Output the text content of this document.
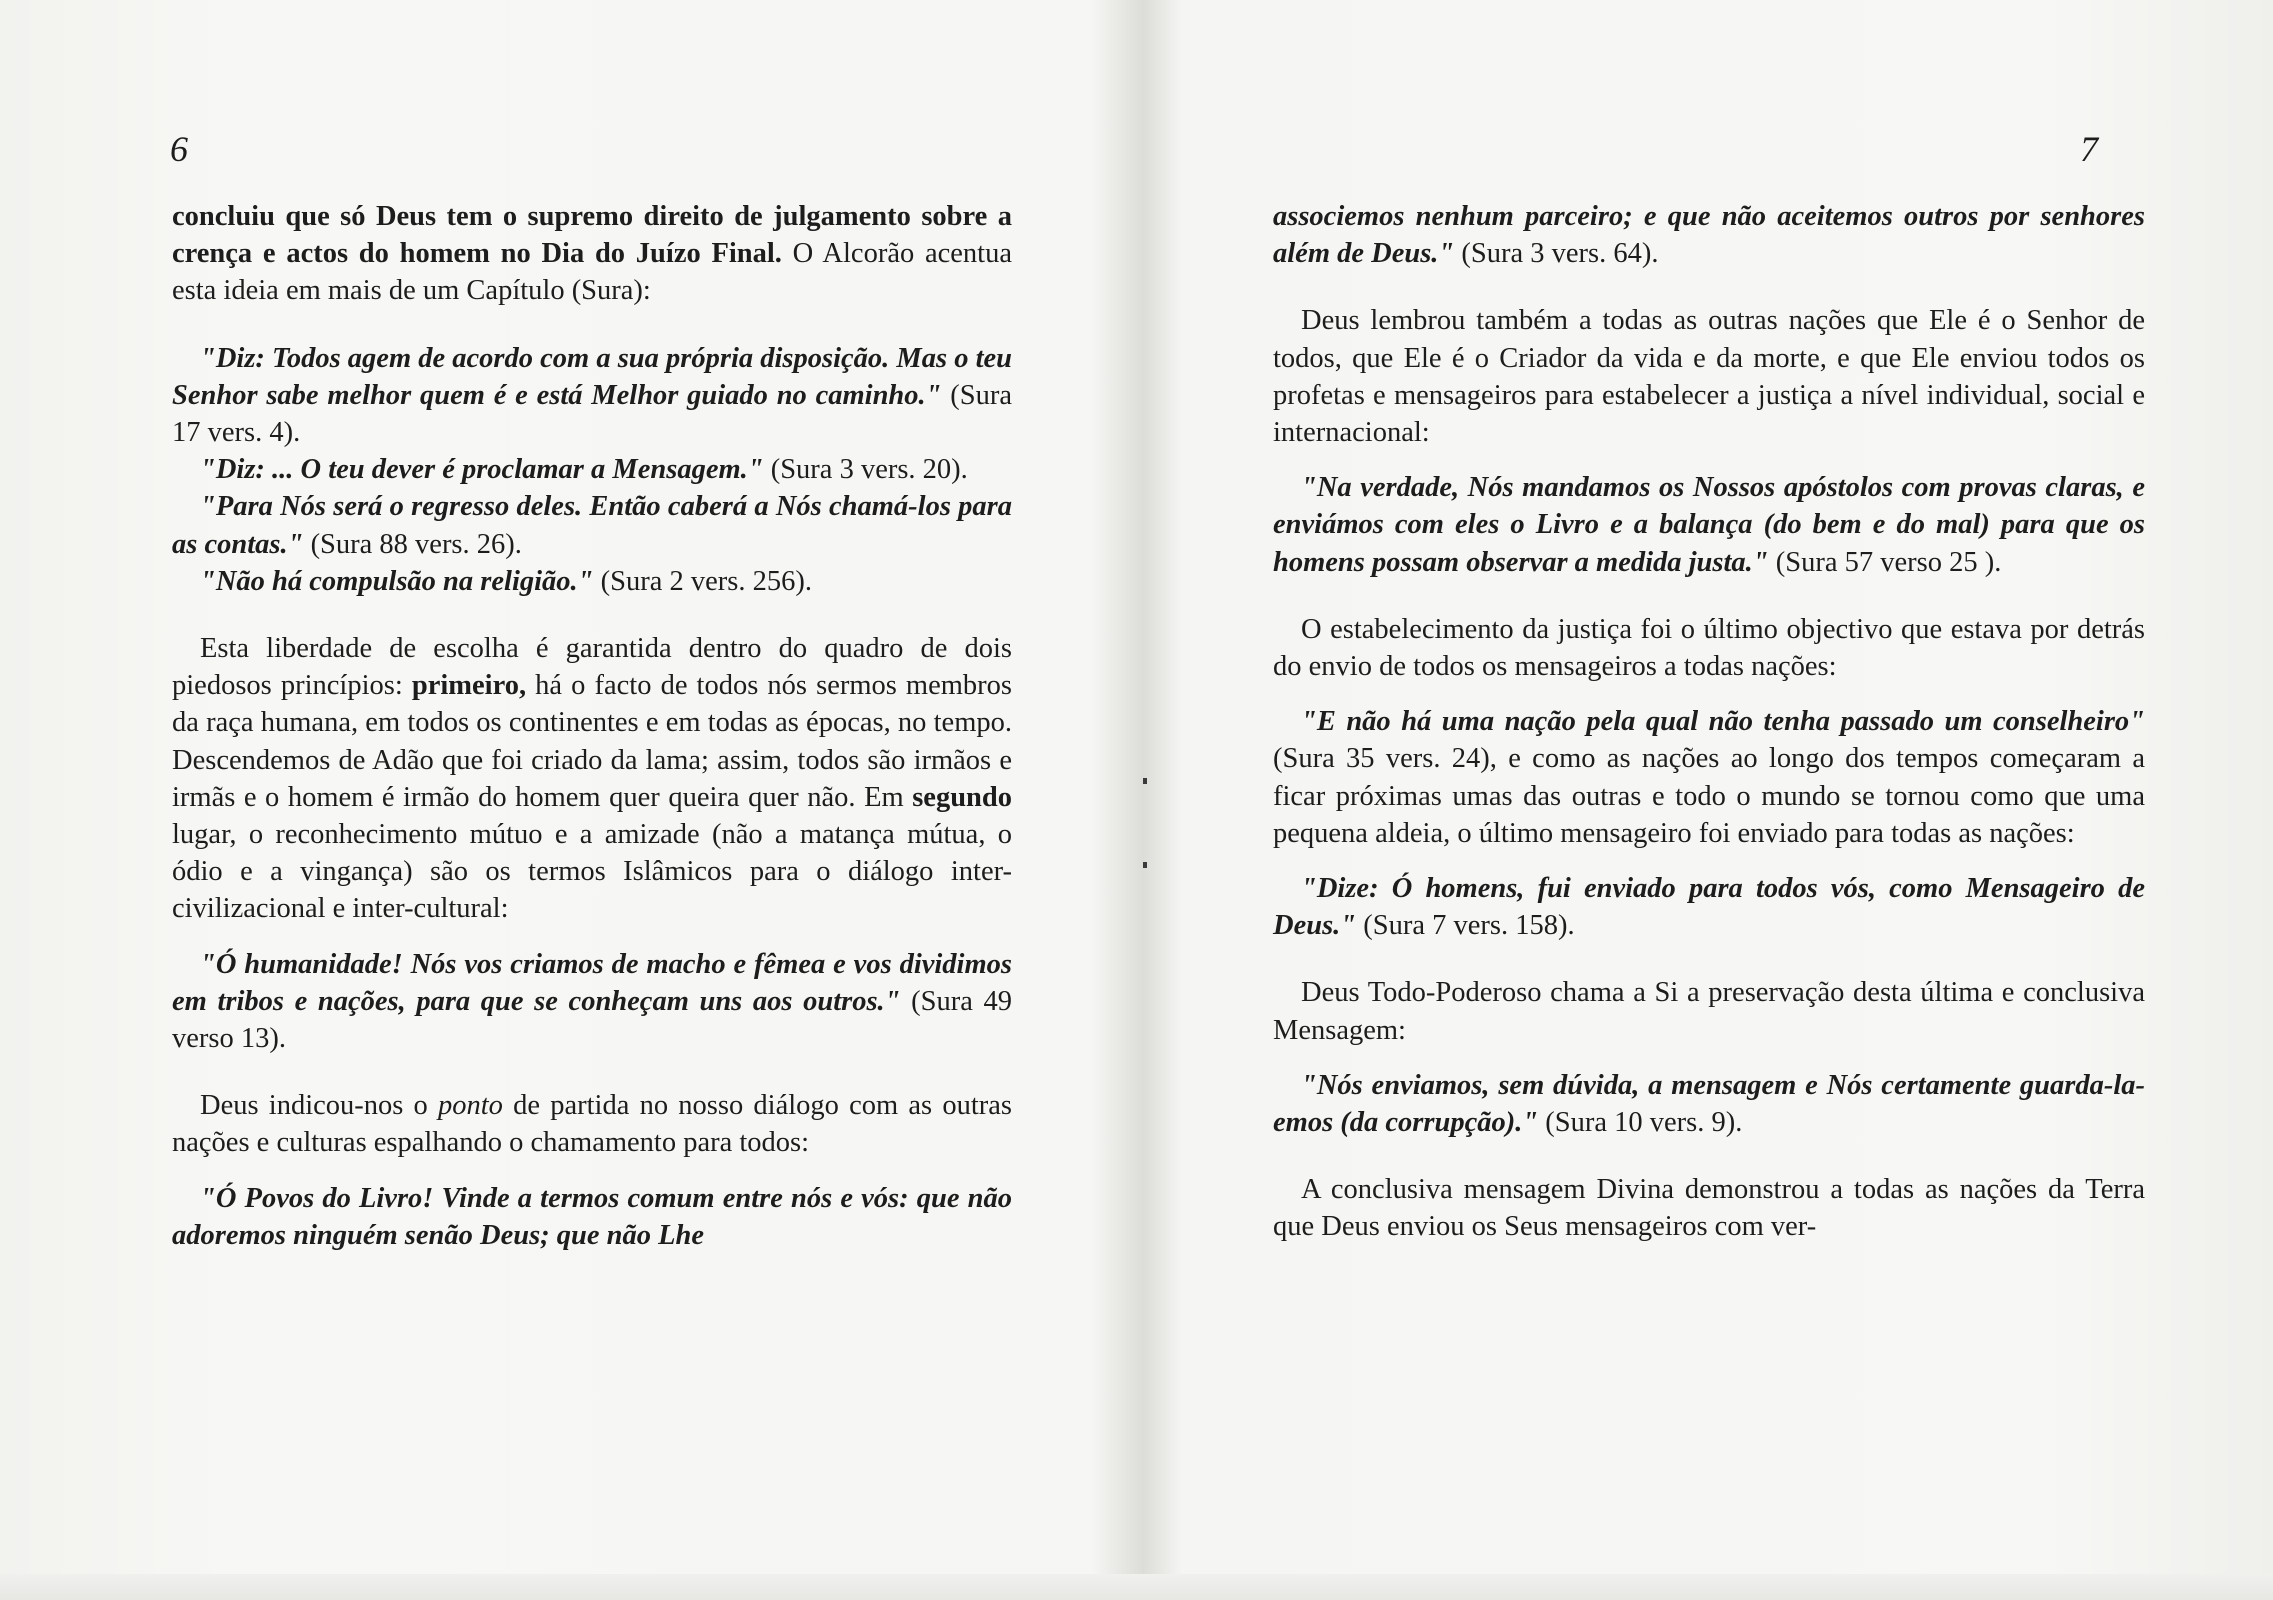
6

concluiu que só Deus tem o supremo direito de julgamento sobre a crença e actos do homem no Dia do Juízo Final. O Alcorão acentua esta ideia em mais de um Capítulo (Sura):

"Diz: Todos agem de acordo com a sua própria disposição. Mas o teu Senhor sabe melhor quem é e está Melhor guiado no caminho." (Sura 17 vers. 4).

"Diz: ... O teu dever é proclamar a Mensagem." (Sura 3 vers. 20).

"Para Nós será o regresso deles. Então caberá a Nós chamá-los para as contas." (Sura 88 vers. 26).

"Não há compulsão na religião." (Sura 2 vers. 256).

Esta liberdade de escolha é garantida dentro do quadro de dois piedosos princípios: primeiro, há o facto de todos nós sermos membros da raça humana, em todos os continentes e em todas as épocas, no tempo. Descendemos de Adão que foi criado da lama; assim, todos são irmãos e irmãs e o homem é irmão do homem quer queira quer não. Em segundo lugar, o reconhecimento mútuo e a amizade (não a matança mútua, o ódio e a vingança) são os termos Islâmicos para o diálogo inter-civilizacional e inter-cultural:

"Ó humanidade! Nós vos criamos de macho e fêmea e vos dividimos em tribos e nações, para que se conheçam uns aos outros." (Sura 49 verso 13).

Deus indicou-nos o ponto de partida no nosso diálogo com as outras nações e culturas espalhando o chamamento para todos:

"Ó Povos do Livro! Vinde a termos comum entre nós e vós: que não adoremos ninguém senão Deus; que não Lhe

7

associemos nenhum parceiro; e que não aceitemos outros por senhores além de Deus." (Sura 3 vers. 64).

Deus lembrou também a todas as outras nações que Ele é o Senhor de todos, que Ele é o Criador da vida e da morte, e que Ele enviou todos os profetas e mensageiros para estabelecer a justiça a nível individual, social e internacional:

"Na verdade, Nós mandamos os Nossos apóstolos com provas claras, e enviámos com eles o Livro e a balança (do bem e do mal) para que os homens possam observar a medida justa." (Sura 57 verso 25 ).

O estabelecimento da justiça foi o último objectivo que estava por detrás do envio de todos os mensageiros a todas nações:

"E não há uma nação pela qual não tenha passado um conselheiro" (Sura 35 vers. 24), e como as nações ao longo dos tempos começaram a ficar próximas umas das outras e todo o mundo se tornou como que uma pequena aldeia, o último mensageiro foi enviado para todas as nações:

"Dize: Ó homens, fui enviado para todos vós, como Mensageiro de Deus." (Sura 7 vers. 158).

Deus Todo-Poderoso chama a Si a preservação desta última e conclusiva Mensagem:

"Nós enviamos, sem dúvida, a mensagem e Nós certamente guarda-la-emos (da corrupção)." (Sura 10 vers. 9).

A conclusiva mensagem Divina demonstrou a todas as nações da Terra que Deus enviou os Seus mensageiros com ver-
